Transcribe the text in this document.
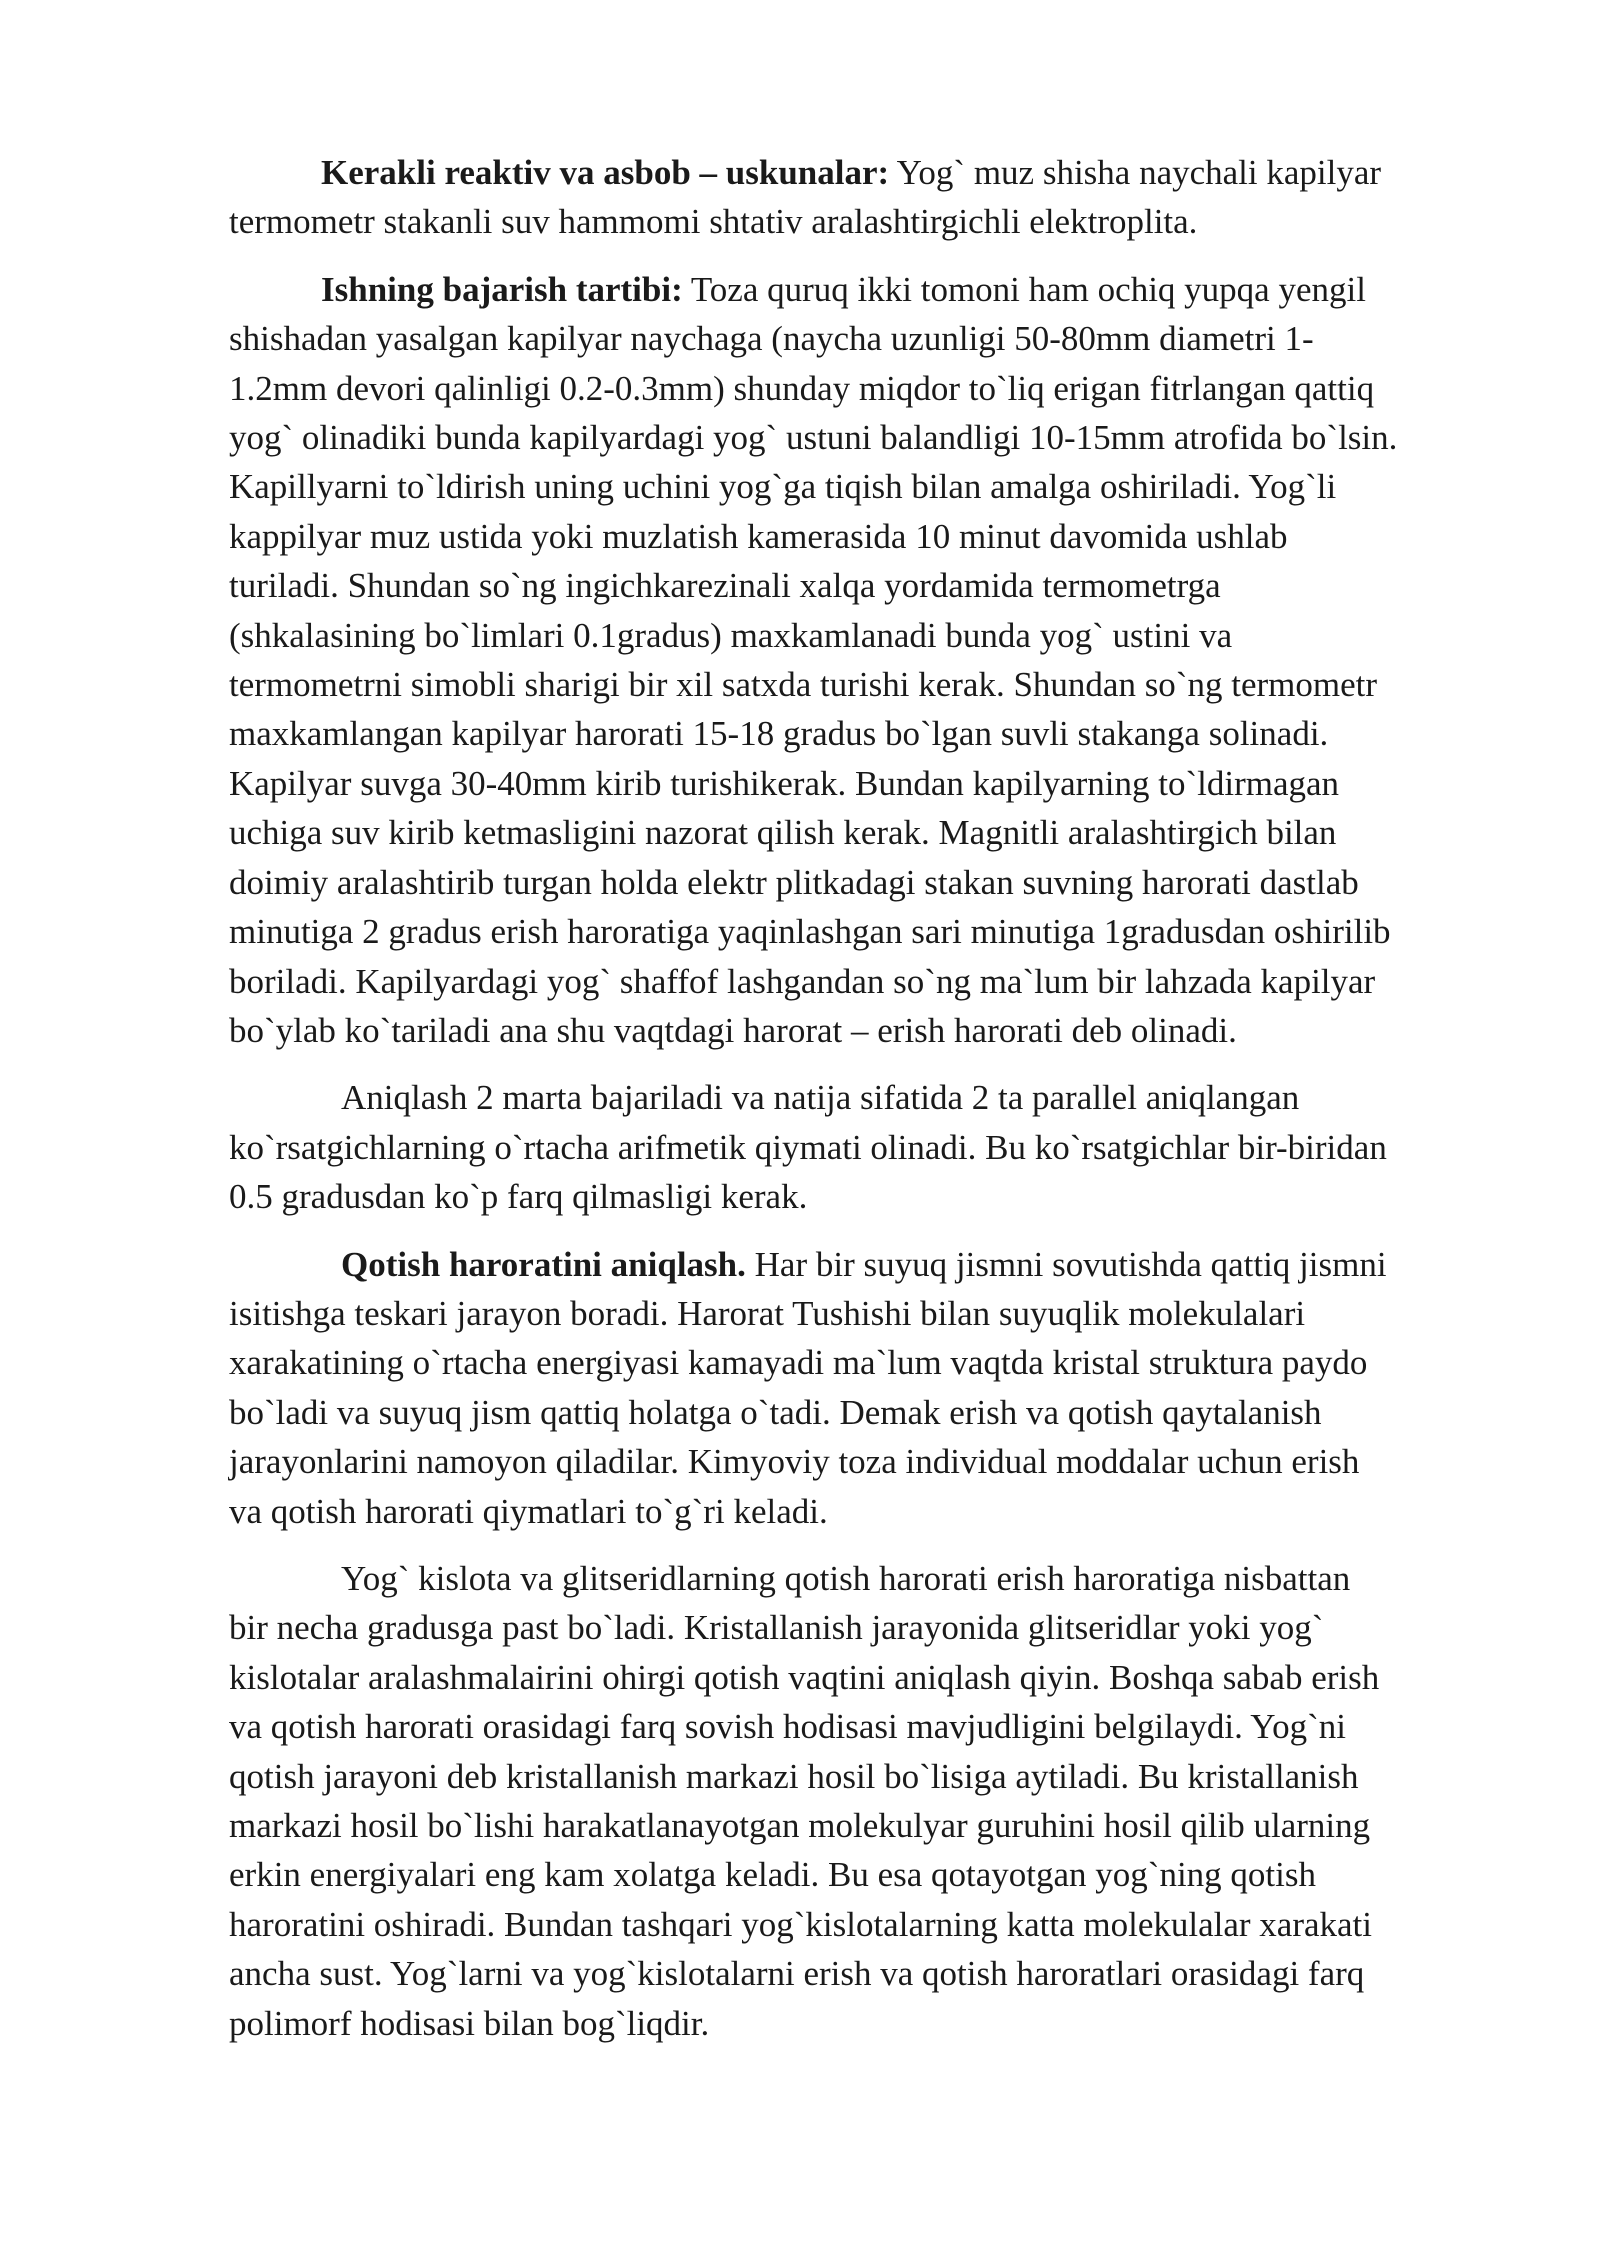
Kerakli reaktiv va asbob – uskunalar: Yog` muz shisha naychali kapilyar
termometr stakanli suv hammomi shtativ aralashtirgichli elektroplita.

Ishning bajarish tartibi: Toza quruq ikki tomoni ham ochiq yupqa yengil
shishadan yasalgan kapilyar naychaga (naycha uzunligi 50-80mm diametri 1-
1.2mm devori qalinligi 0.2-0.3mm) shunday miqdor to`liq erigan fitrlangan qattiq
yog` olinadiki bunda kapilyardagi yog` ustuni balandligi 10-15mm atrofida bo`lsin.
Kapillyarni to`ldirish uning uchini yog`ga tiqish bilan amalga oshiriladi. Yog`li
kappilyar muz ustida yoki muzlatish kamerasida 10 minut davomida ushlab
turiladi. Shundan so`ng ingichkarezinali xalqa yordamida termometrga
(shkalasining bo`limlari 0.1gradus) maxkamlanadi bunda yog` ustini va
termometrni simobli sharigi bir xil satxda turishi kerak. Shundan so`ng termometr
maxkamlangan kapilyar harorati 15-18 gradus bo`lgan suvli stakanga solinadi.
Kapilyar suvga 30-40mm kirib turishikerak. Bundan kapilyarning to`ldirmagan
uchiga suv kirib ketmasligini nazorat qilish kerak. Magnitli aralashtirgich bilan
doimiy aralashtirib turgan holda elektr plitkadagi stakan suvning harorati dastlab
minutiga 2 gradus erish haroratiga yaqinlashgan sari minutiga 1gradusdan oshirilib
boriladi. Kapilyardagi yog` shaffof lashgandan so`ng ma`lum bir lahzada kapilyar
bo`ylab ko`tariladi ana shu vaqtdagi harorat – erish harorati deb olinadi.

Aniqlash 2 marta bajariladi va natija sifatida 2 ta parallel aniqlangan
ko`rsatgichlarning o`rtacha arifmetik qiymati olinadi. Bu ko`rsatgichlar bir-biridan
0.5 gradusdan ko`p farq qilmasligi kerak.

Qotish haroratini aniqlash. Har bir suyuq jismni sovutishda qattiq jismni
isitishga teskari jarayon boradi. Harorat Tushishi bilan suyuqlik molekulalari
xarakatining o`rtacha energiyasi kamayadi ma`lum vaqtda kristal struktura paydo
bo`ladi va suyuq jism qattiq holatga o`tadi. Demak erish va qotish qaytalanish
jarayonlarini namoyon qiladilar. Kimyoviy toza individual moddalar uchun erish
va qotish harorati qiymatlari to`g`ri keladi.

Yog` kislota va glitseridlarning qotish harorati erish haroratiga nisbattan
bir necha gradusga past bo`ladi. Kristallanish jarayonida glitseridlar yoki yog`
kislotalar aralashmalairini ohirgi qotish vaqtini aniqlash qiyin. Boshqa sabab erish
va qotish harorati orasidagi farq sovish hodisasi mavjudligini belgilaydi. Yog`ni
qotish jarayoni deb kristallanish markazi hosil bo`lisiga aytiladi. Bu kristallanish
markazi hosil bo`lishi harakatlanayotgan molekulyar guruhini hosil qilib ularning
erkin energiyalari eng kam xolatga keladi. Bu esa qotayotgan yog`ning qotish
haroratini oshiradi. Bundan tashqari yog`kislotalarning katta molekulalar xarakati
ancha sust. Yog`larni va yog`kislotalarni erish va qotish haroratlari orasidagi farq
polimorf hodisasi bilan bog`liqdir.
